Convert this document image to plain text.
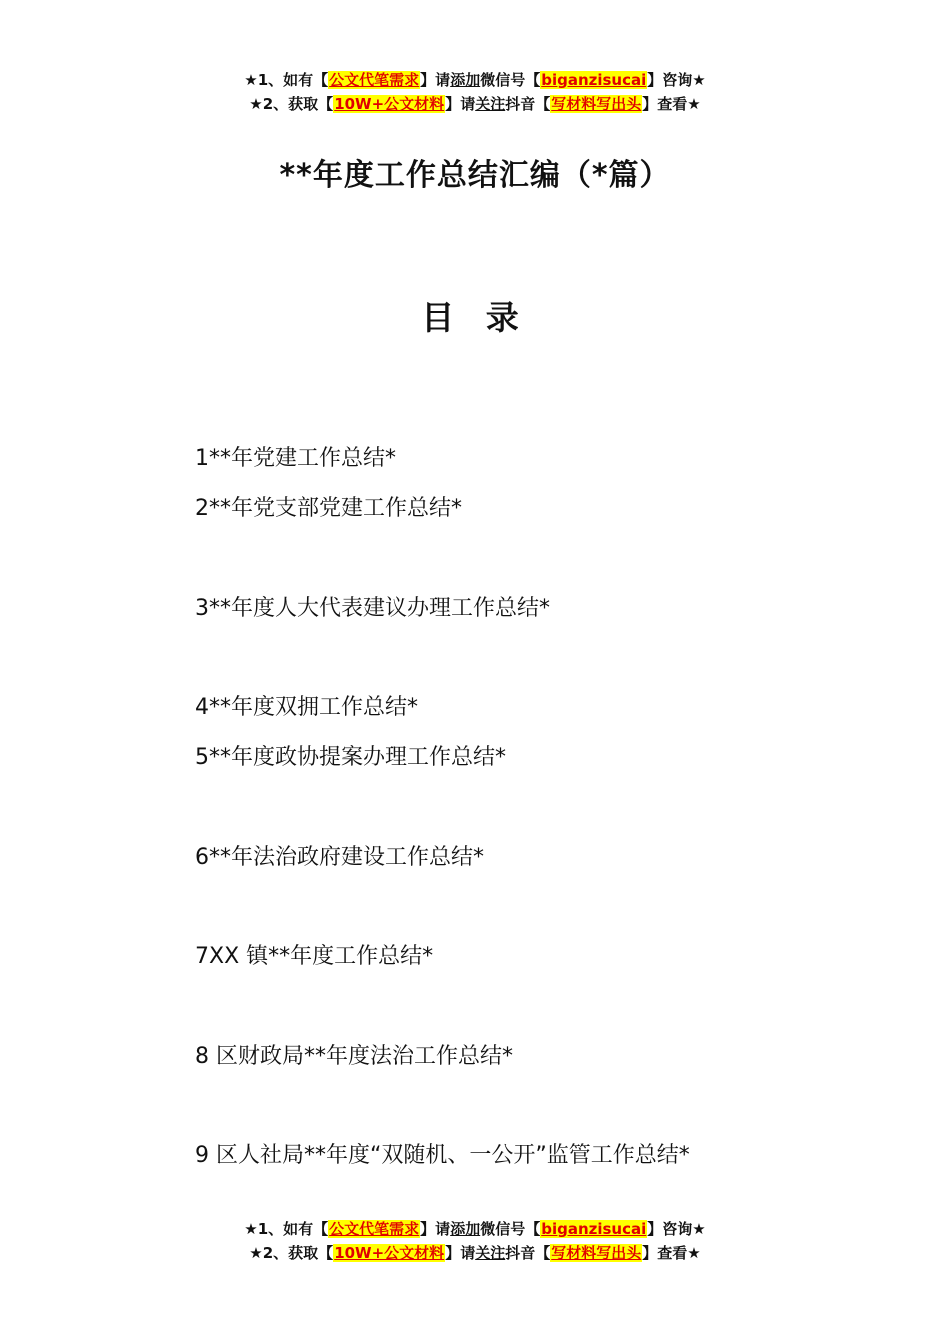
★1、如有【公文代笔需求】请添加微信号【biganzisucai】咨询★
★2、获取【10W+公文材料】请关注抖音【写材料写出头】查看★
**年度工作总结汇编（*篇）
目 录
1**年党建工作总结*
2**年党支部党建工作总结*
3**年度人大代表建议办理工作总结*
4**年度双拥工作总结*
5**年度政协提案办理工作总结*
6**年法治政府建设工作总结*
7XX 镇**年度工作总结*
8 区财政局**年度法治工作总结*
9 区人社局**年度“双随机、一公开”监管工作总结*
★1、如有【公文代笔需求】请添加微信号【biganzisucai】咨询★
★2、获取【10W+公文材料】请关注抖音【写材料写出头】查看★
